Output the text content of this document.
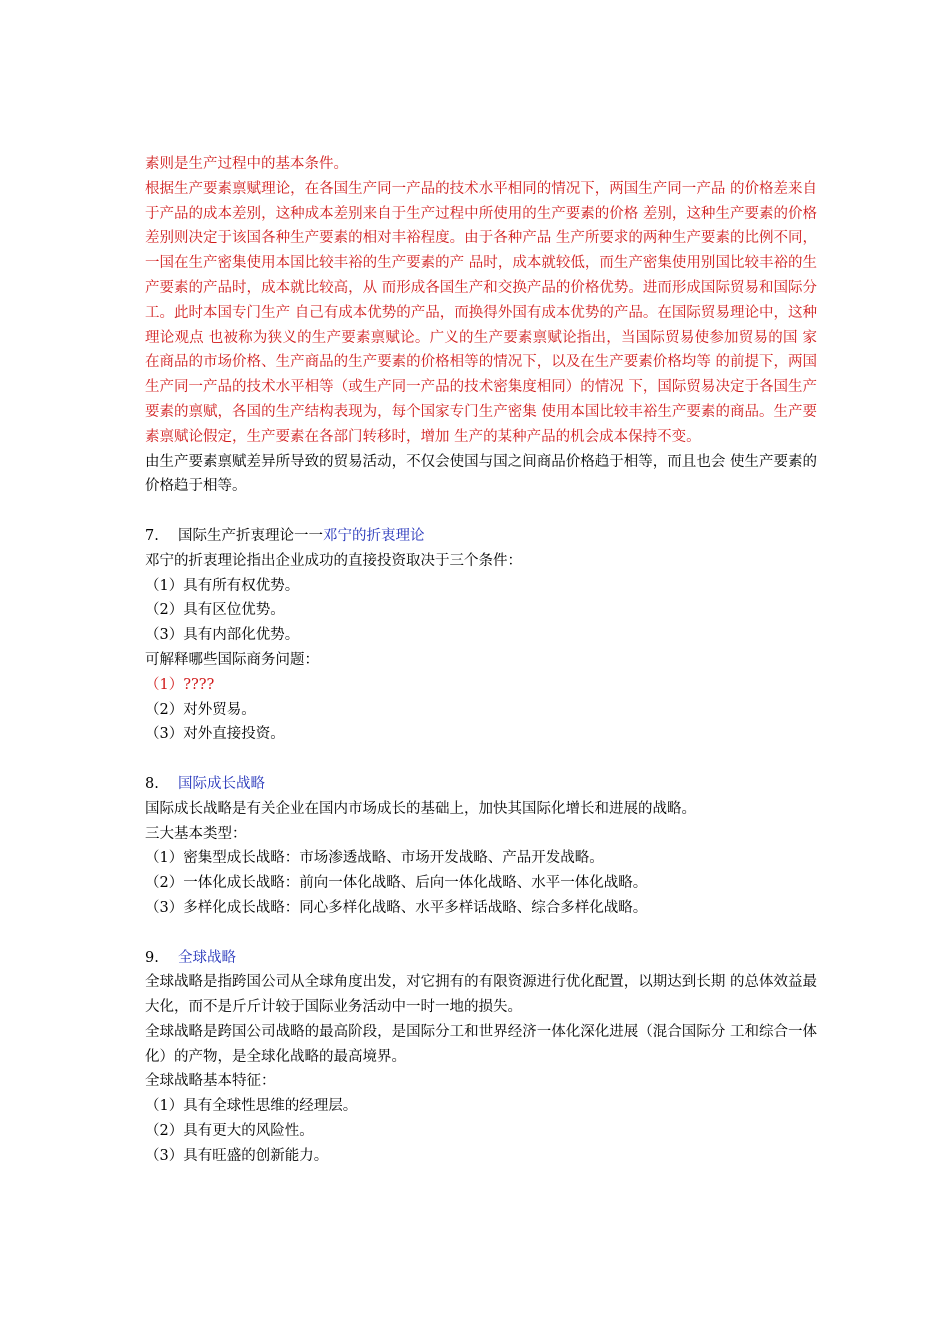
素则是生产过程中的基本条件。

根据生产要素禀赋理论，在各国生产同一产品的技术水平相同的情况下，两国生产同一产品 的价格差来自于产品的成本差别，这种成本差别来自于生产过程中所使用的生产要素的价格 差别，这种生产要素的价格差别则决定于该国各种生产要素的相对丰裕程度。由于各种产品 生产所要求的两种生产要素的比例不同，一国在生产密集使用本国比较丰裕的生产要素的产 品时，成本就较低，而生产密集使用别国比较丰裕的生产要素的产品时，成本就比较高，从 而形成各国生产和交换产品的价格优势。进而形成国际贸易和国际分工。此时本国专门生产 自己有成本优势的产品，而换得外国有成本优势的产品。在国际贸易理论中，这种理论观点 也被称为狭义的生产要素禀赋论。广义的生产要素禀赋论指出，当国际贸易使参加贸易的国 家在商品的市场价格、生产商品的生产要素的价格相等的情况下，以及在生产要素价格均等 的前提下，两国生产同一产品的技术水平相等（或生产同一产品的技术密集度相同）的情况 下，国际贸易决定于各国生产要素的禀赋，各国的生产结构表现为，每个国家专门生产密集 使用本国比较丰裕生产要素的商品。生产要素禀赋论假定，生产要素在各部门转移时，增加 生产的某种产品的机会成本保持不变。

由生产要素禀赋差异所导致的贸易活动，不仅会使国与国之间商品价格趋于相等，而且也会 使生产要素的价格趋于相等。

7. 国际生产折衷理论一一邓宁的折衷理论

邓宁的折衷理论指出企业成功的直接投资取决于三个条件：

（1）具有所有权优势。

（2）具有区位优势。

（3）具有内部化优势。

可解释哪些国际商务问题：

（1）????

（2）对外贸易。

（3）对外直接投资。

8. 国际成长战略

国际成长战略是有关企业在国内市场成长的基础上，加快其国际化增长和进展的战略。

三大基本类型：

（1）密集型成长战略：市场渗透战略、市场开发战略、产品开发战略。

（2）一体化成长战略：前向一体化战略、后向一体化战略、水平一体化战略。

（3）多样化成长战略：同心多样化战略、水平多样话战略、综合多样化战略。

9. 全球战略

全球战略是指跨国公司从全球角度出发，对它拥有的有限资源进行优化配置，以期达到长期 的总体效益最大化，而不是斤斤计较于国际业务活动中一时一地的损失。

全球战略是跨国公司战略的最高阶段，是国际分工和世界经济一体化深化进展（混合国际分 工和综合一体化）的产物，是全球化战略的最高境界。

全球战略基本特征：

（1）具有全球性思维的经理层。

（2）具有更大的风险性。

（3）具有旺盛的创新能力。
